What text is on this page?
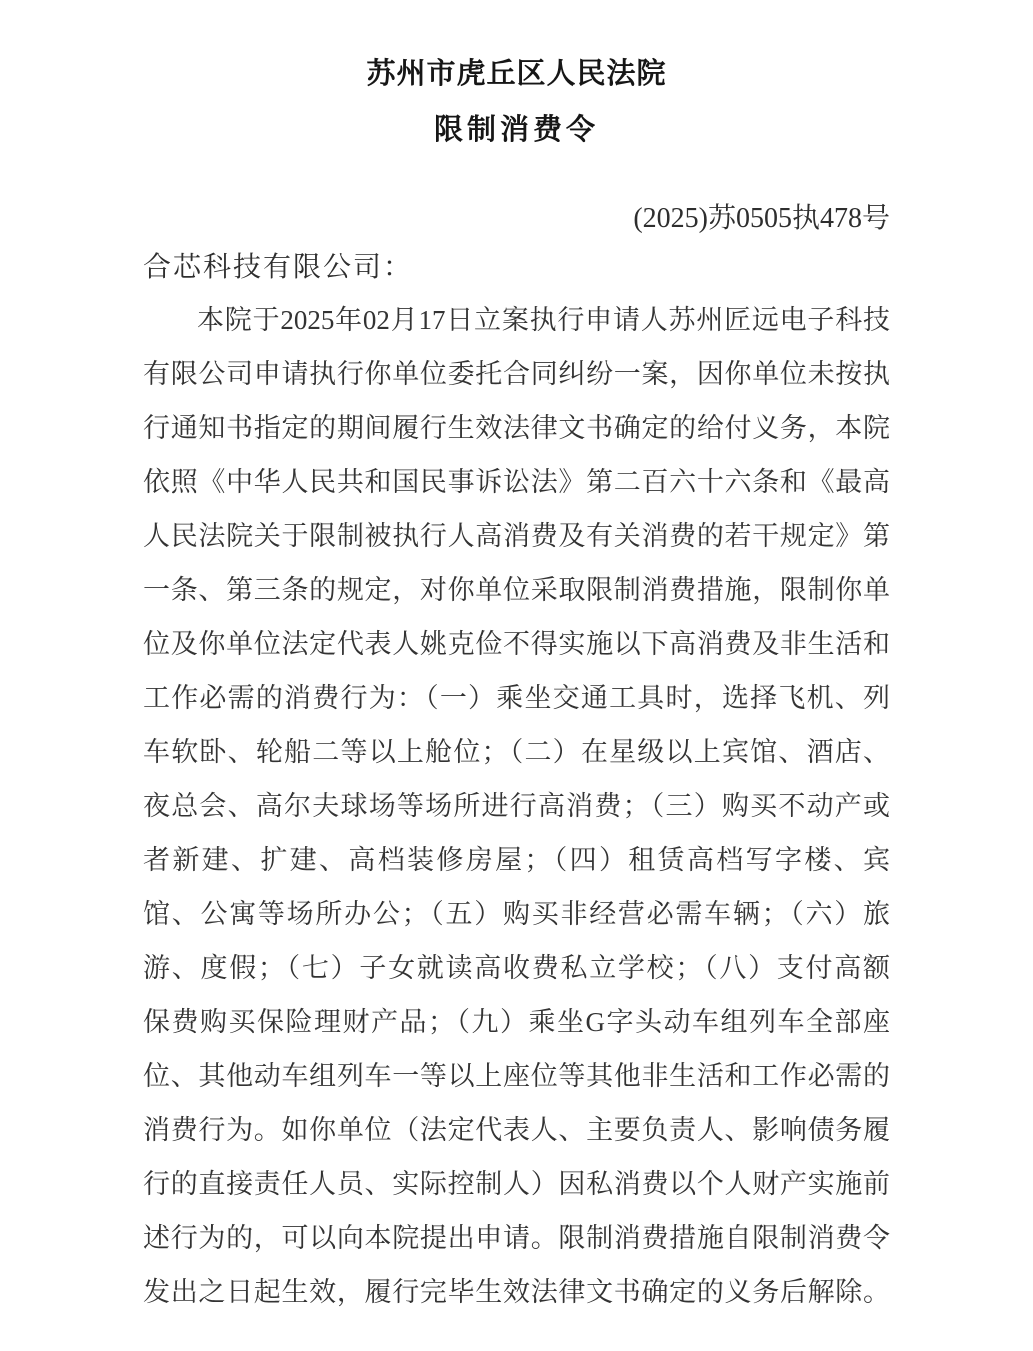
苏州市虎丘区人民法院
限制消费令
(2025)苏0505执478号
合芯科技有限公司：
本院于2025年02月17日立案执行申请人苏州匠远电子科技
有限公司申请执行你单位委托合同纠纷一案，因你单位未按执
行通知书指定的期间履行生效法律文书确定的给付义务，本院
依照《中华人民共和国民事诉讼法》第二百六十六条和《最高
人民法院关于限制被执行人高消费及有关消费的若干规定》第
一条、第三条的规定，对你单位采取限制消费措施，限制你单
位及你单位法定代表人姚克俭不得实施以下高消费及非生活和
工作必需的消费行为：（一）乘坐交通工具时，选择飞机、列
车软卧、轮船二等以上舱位；（二）在星级以上宾馆、酒店、
夜总会、高尔夫球场等场所进行高消费；（三）购买不动产或
者新建、扩建、高档装修房屋；（四）租赁高档写字楼、宾
馆、公寓等场所办公；（五）购买非经营必需车辆；（六）旅
游、度假；（七）子女就读高收费私立学校；（八）支付高额
保费购买保险理财产品；（九）乘坐G字头动车组列车全部座
位、其他动车组列车一等以上座位等其他非生活和工作必需的
消费行为。如你单位（法定代表人、主要负责人、影响债务履
行的直接责任人员、实际控制人）因私消费以个人财产实施前
述行为的，可以向本院提出申请。限制消费措施自限制消费令
发出之日起生效，履行完毕生效法律文书确定的义务后解除。
